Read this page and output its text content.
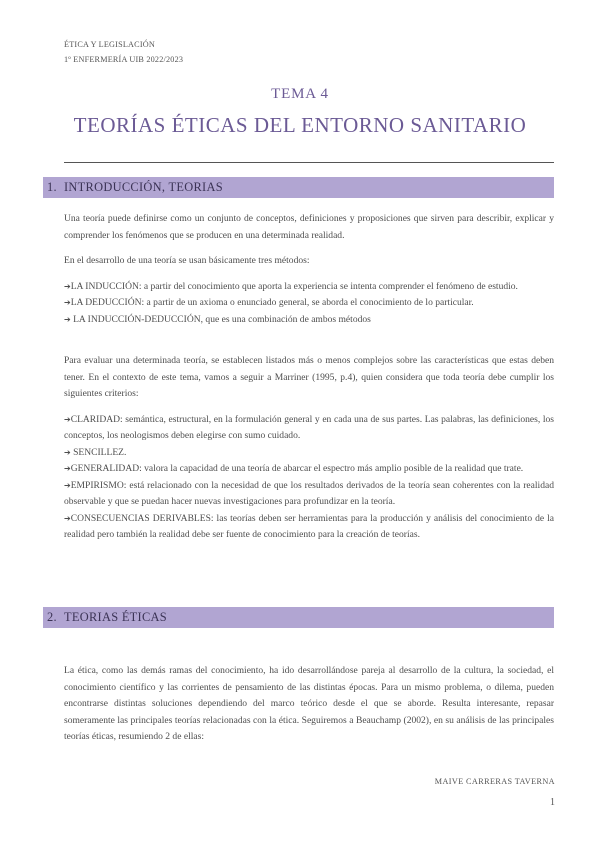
ÉTICA Y LEGISLACIÓN
1º ENFERMERÍA UIB 2022/2023
TEMA 4
TEORÍAS ÉTICAS DEL ENTORNO SANITARIO
1. INTRODUCCIÓN, TEORIAS

Una teoría puede definirse como un conjunto de conceptos, definiciones y proposiciones que sirven para describir, explicar y comprender los fenómenos que se producen en una determinada realidad.

En el desarrollo de una teoría se usan básicamente tres métodos:

➔LA INDUCCIÓN: a partir del conocimiento que aporta la experiencia se intenta comprender el fenómeno de estudio.

➔LA DEDUCCIÓN: a partir de un axioma o enunciado general, se aborda el conocimiento de lo particular.

➔ LA INDUCCIÓN-DEDUCCIÓN, que es una combinación de ambos métodos

Para evaluar una determinada teoría, se establecen listados más o menos complejos sobre las características que estas deben tener. En el contexto de este tema, vamos a seguir a Marriner (1995, p.4), quien considera que toda teoría debe cumplir los siguientes criterios:

➔CLARIDAD: semántica, estructural, en la formulación general y en cada una de sus partes. Las palabras, las definiciones, los conceptos, los neologismos deben elegirse con sumo cuidado.

➔ SENCILLEZ.

➔GENERALIDAD: valora la capacidad de una teoría de abarcar el espectro más amplio posible de la realidad que trate.

➔EMPIRISMO: está relacionado con la necesidad de que los resultados derivados de la teoría sean coherentes con la realidad observable y que se puedan hacer nuevas investigaciones para profundizar en la teoría.

➔CONSECUENCIAS DERIVABLES: las teorías deben ser herramientas para la producción y análisis del conocimiento de la realidad pero también la realidad debe ser fuente de conocimiento para la creación de teorías.

2. TEORIAS ÉTICAS

La ética, como las demás ramas del conocimiento, ha ido desarrollándose pareja al desarrollo de la cultura, la sociedad, el conocimiento científico y las corrientes de pensamiento de las distintas épocas. Para un mismo problema, o dilema, pueden encontrarse distintas soluciones dependiendo del marco teórico desde el que se aborde. Resulta interesante, repasar someramente las principales teorías relacionadas con la ética. Seguiremos a Beauchamp (2002), en su análisis de las principales teorías éticas, resumiendo 2 de ellas:

MAIVE CARRERAS TAVERNA
1
